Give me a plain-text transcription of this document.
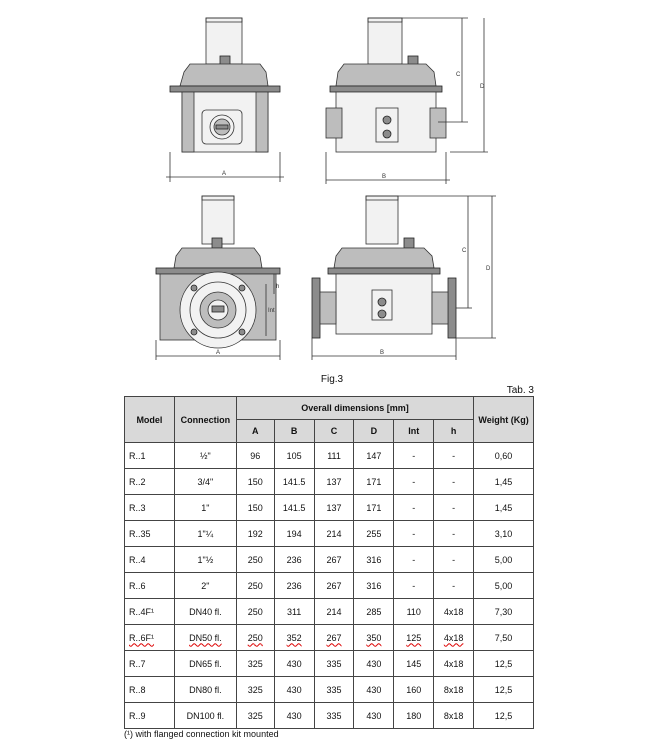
A	B
C
D
A
Int
h
B
C
D
Fig.3
Tab. 3
Model	Connection	Overall dimensions [mm]						Weight (Kg)
		A	B	C	D	Int	h	
R..1	½"	96	105	111	147	-	-	0,60
R..2	3/4"	150	141.5	137	171	-	-	1,45
R..3	1"	150	141.5	137	171	-	-	1,45
R..35	1"¼	192	194	214	255	-	-	3,10
R..4	1"½	250	236	267	316	-	-	5,00
R..6	2"	250	236	267	316	-	-	5,00
R..4F¹	DN40 fl.	250	311	214	285	110	4x18	7,30
R..6F¹	DN50 fl.	250	352	267	350	125	4x18	7,50
R..7	DN65 fl.	325	430	335	430	145	4x18	12,5
R..8	DN80 fl.	325	430	335	430	160	8x18	12,5
R..9	DN100 fl.	325	430	335	430	180	8x18	12,5
(¹) with flanged connection kit mounted
